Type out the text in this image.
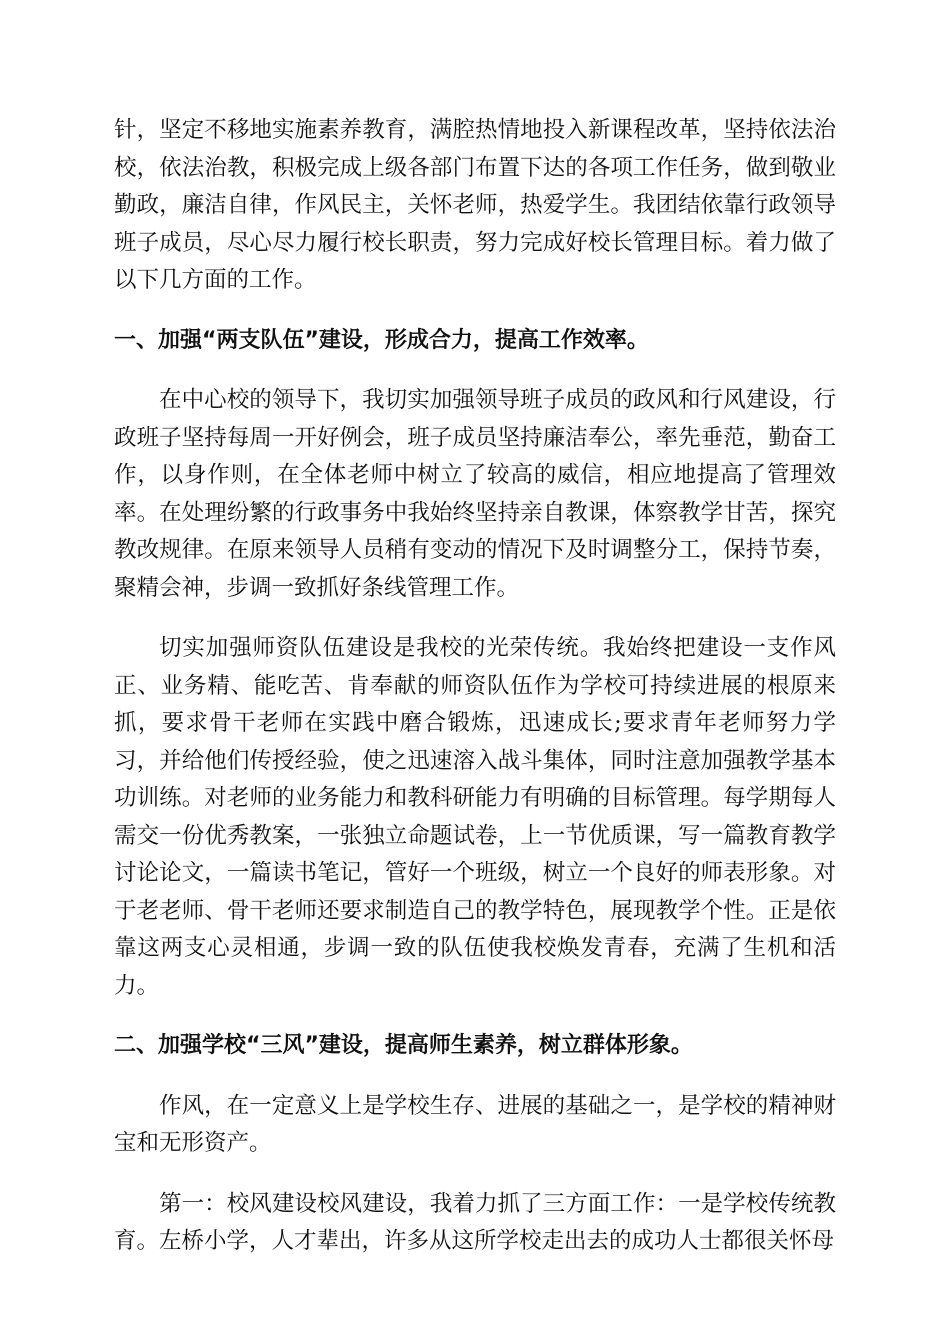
针，坚定不移地实施素养教育，满腔热情地投入新课程改革，坚持依法治校，依法治教，积极完成上级各部门布置下达的各项工作任务，做到敬业勤政，廉洁自律，作风民主，关怀老师，热爱学生。我团结依靠行政领导班子成员，尽心尽力履行校长职责，努力完成好校长管理目标。着力做了以下几方面的工作。

一、加强“两支队伍”建设，形成合力，提高工作效率。

在中心校的领导下，我切实加强领导班子成员的政风和行风建设，行政班子坚持每周一开好例会，班子成员坚持廉洁奉公，率先垂范，勤奋工作，以身作则，在全体老师中树立了较高的威信，相应地提高了管理效率。在处理纷繁的行政事务中我始终坚持亲自教课，体察教学甘苦，探究教改规律。在原来领导人员稍有变动的情况下及时调整分工，保持节奏，聚精会神，步调一致抓好条线管理工作。

切实加强师资队伍建设是我校的光荣传统。我始终把建设一支作风正、业务精、能吃苦、肯奉献的师资队伍作为学校可持续进展的根原来抓，要求骨干老师在实践中磨合锻炼，迅速成长;要求青年老师努力学习，并给他们传授经验，使之迅速溶入战斗集体，同时注意加强教学基本功训练。对老师的业务能力和教科研能力有明确的目标管理。每学期每人需交一份优秀教案，一张独立命题试卷，上一节优质课，写一篇教育教学讨论论文，一篇读书笔记，管好一个班级，树立一个良好的师表形象。对于老老师、骨干老师还要求制造自己的教学特色，展现教学个性。正是依靠这两支心灵相通，步调一致的队伍使我校焕发青春，充满了生机和活力。

二、加强学校“三风”建设，提高师生素养，树立群体形象。

作风，在一定意义上是学校生存、进展的基础之一，是学校的精神财宝和无形资产。

第一：校风建设校风建设，我着力抓了三方面工作：一是学校传统教育。左桥小学，人才辈出，许多从这所学校走出去的成功人士都很关怀母
